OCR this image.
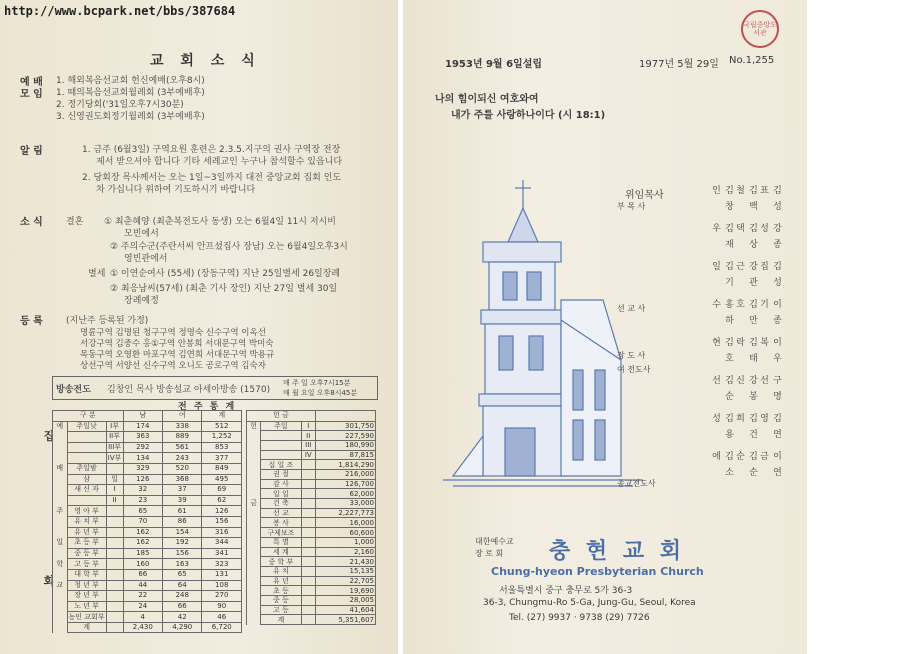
교 회 소 식
예 배 1. 해외복음선교회 헌신예배(오후8시)
모 임 1. 때의복음선교회월례회 (3부예배후)
2. 정기당회('31일오후7시30분)
3. 신영권도회정기월례회 (3부예배후)
알 림	1. 금주 (6월3일) 구역요원 훈련은 2.3.5.지구의 권사 구역장 전장
제서 받으셔야 합니다 기타 세례교인 누구나 참석할수 있읍니다
2. 당회장 목사께서는 오는 1일~3일까지 대전 중앙교회 집회 인도
차 가십니다 위하여 기도하시기 바랍니다
소 식	결혼 ① 최춘혜양 (최춘복전도사 동생) 오는 6월4일 11시 저시비
모빈에서
② 주의수군(주란서씨 안프셨집사 장남) 오는 6월4일오후3시
영빈관에서
별세 ① 이연순여사 (55세) (장동구역) 지난 25일별세 26일장례
② 최응남씨(57세) (최춘 기사 장인) 지난 27일 별세 30일
장례예정
등 록	(지난주 등록된 가정)
명륜구역 김명된 청구구역 정명숙 신수구역 이옥선
서강구역 김중수 홍①구역 안봉희 서대문구역 박미숙
목동구역 오영환 마포구역 김연희 서대문구역 박용규
상선구역 서양선 신수구역 오니도 공로구역 김숙자
방송전도 김창인 목사 방송설교 아세아방송 (1570)
매 주 일 오후7시15분
매 월 요일 오후8시45분
전 주 통 계
집
회
구 분			남	여	계
예	주일낮	I부	174	338	512
		II부	363	889	1,252
		III부	292	561	853
		IV부	134	243	377
배	주일밤		329	520	849
	삼	일	126	368	495
	새 신 자	I	32	37	69
		II	23	39	62
주	영 아 부		65	61	126
	유 치 부		70	86	156
	유 년 부		162	154	316
일	초 등 부		162	192	344
	중 등 부		185	156	341
학	고 등 부		160	163	323
	대 학 부		66	65	131
교	청 년 부		44	64	108
	장 년 부		22	248	270
	노 년 부		24	66	90
	농인 교회부		4	42	46
	계		2,430	4,290	6,720
헌 금			
헌	주일	I	301,750
		II	227,590
		III	180,990
		IV	87,815
	십 일 조		1,814,290
	권 절		216,000
	감 사		126,700
	일 일		62,000
금	건 축		33,000
	선 교		2,227,773
	봉 사		16,000
	구제보조		60,600
	특 별		1,000
	세 계		2,160
	중 학 부		21,430
	유 치		15,135
	유 년		22,705
	초 등		19,690
	중 등		28,005
	고 등		41,604
	계		5,351,607
1953년 9월 6일설립	1977년 5월 29일 No.1,255
나의 힘이되신 여호와여
내가 주를 사랑하나이다 (시 18:1)
위임목사
부 목 사
선 교 사
장 도 사
여 전도사
종교전도사
김 창 인	김 백 철	김 성 표
김 재 우	김 상 택	강 종 성
김 기 일	강 관 근	김 성 집
홍 하 수	김 만 호	이 종 기
김 호 현	김 태 락	이 우 복
김 순 선	강 봉 신	구 명 선
김 용 성	김 건 희	김 연 영
김 소 에	김 순 순	이 연 금
대한예수교
장 로 회 충 현 교 회
Chung-hyeon Presbyterian Church
서울특별시 중구 충무로 5가 36-3
36-3, Chungmu-Ro 5-Ga, Jung-Gu, Seoul, Korea
Tel. (27) 9937 · 9738 (29) 7726
국립중앙도서관
http://www.bcpark.net/bbs/387684
